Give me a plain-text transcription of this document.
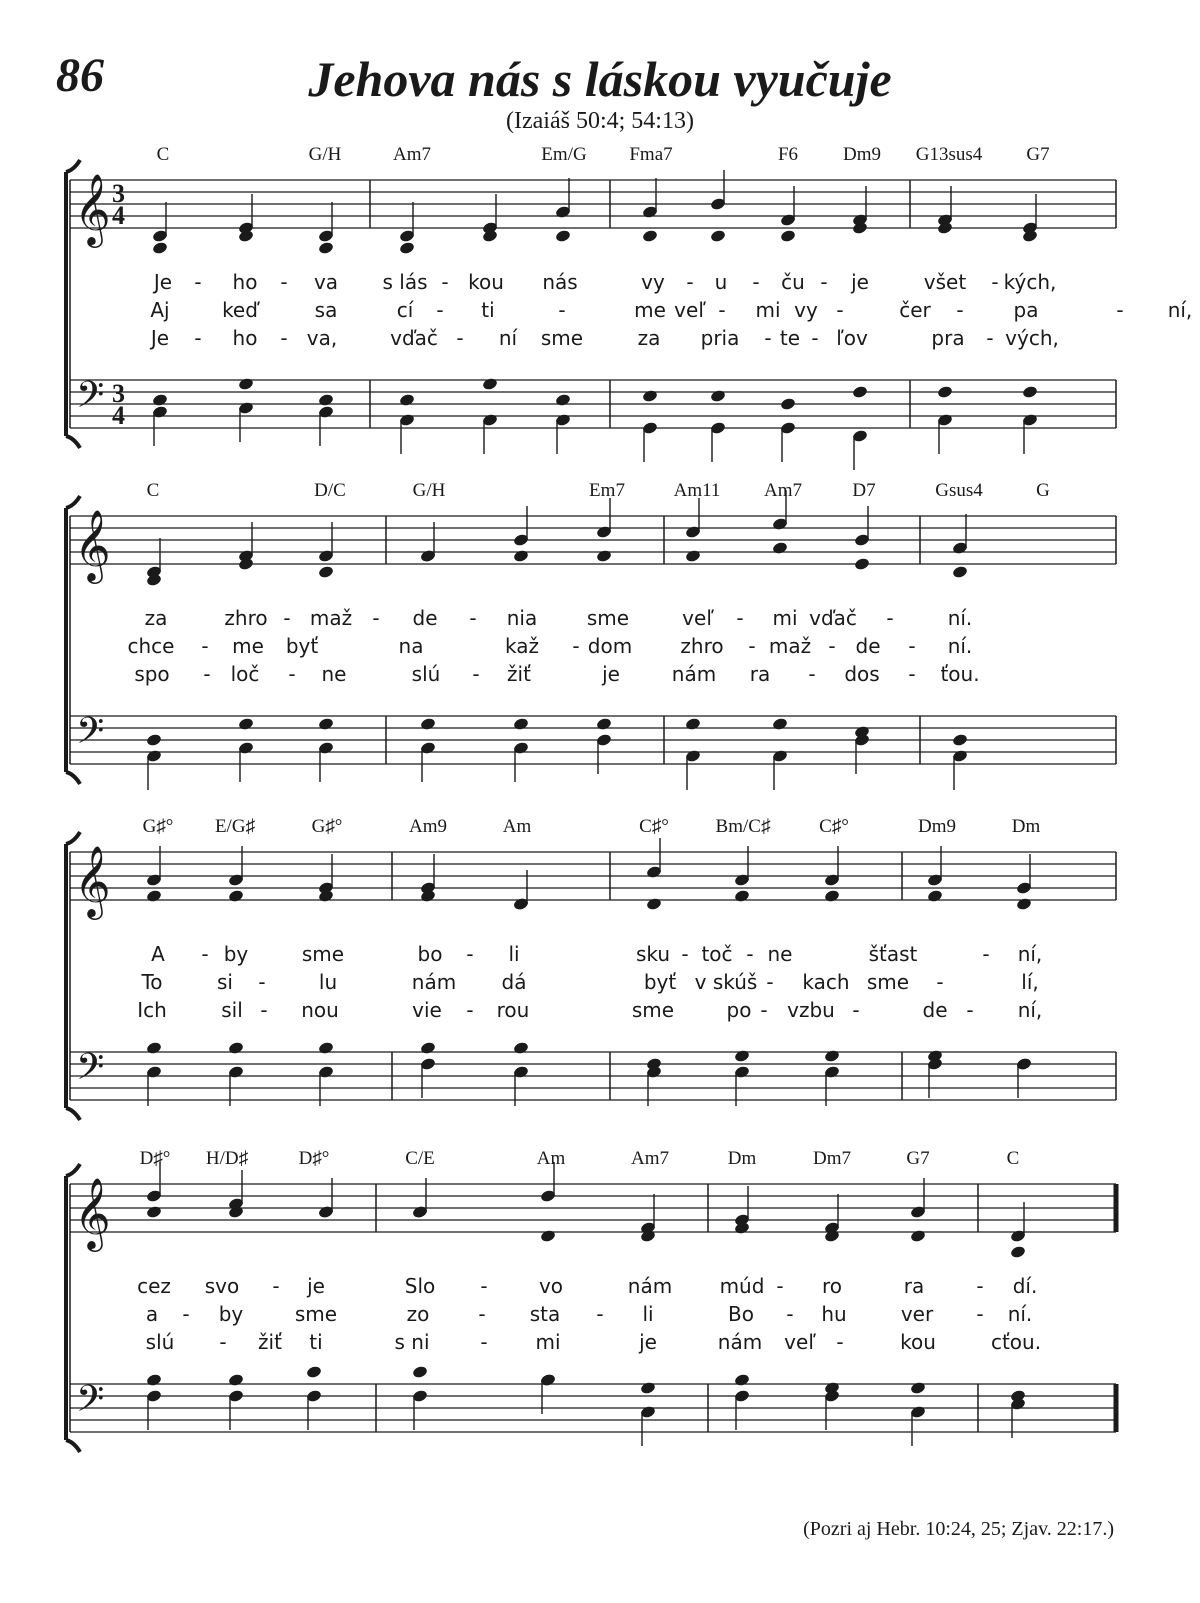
86	Jehova nás s láskou vyučuje
(Izaiáš 50:4; 54:13)
𝄞
𝄢
3
4
3
4
C	G/H	Am7	Em/G Fma7	F6 Dm9 G13sus4 G7
Je - ho - va s lás - kou nás	vy - u - ču - je	všet - kých,
Aj	keď	sa	cí - ti	-	me veľ - mi vy -	čer - pa	- ní,
Je - ho - va,	vďač - ní sme	za pria - te - ľov	pra - vých,
𝄞
𝄢
C	D/C	G/H	Em7	Am11 Am7	D7	Gsus4	G
za	zhro - maž - de - nia sme	veľ - mi vďač -	ní.
chce - me byť	na	kaž - dom zhro - maž - de - ní.
spo - loč - ne	slú - žiť	je	nám ra - dos - ťou.
𝄞
𝄢
G♯° E/G♯	G♯°	Am9	Am	C♯° Bm/C♯	C♯°	Dm9	Dm
A - by	sme	bo - li	sku - toč - ne	šťast	- ní,
To	si -	lu	nám dá	byť v skúš - kach sme -	lí,
Ich	sil - nou	vie - rou	sme	po - vzbu -	de - ní,
𝄞
𝄢
D♯° H/D♯	D♯°	C/E	Am	Am7	Dm	Dm7	G7	C
cez svo - je	Slo -	vo	nám múd - ro	ra	- dí.
a - by	sme	zo - sta - li	Bo - hu	ver - ní.
slú - žiť ti	s ni	- mi	je	nám veľ -	kou	cťou.
(Pozri aj Hebr. 10:24, 25; Zjav. 22:17.)
